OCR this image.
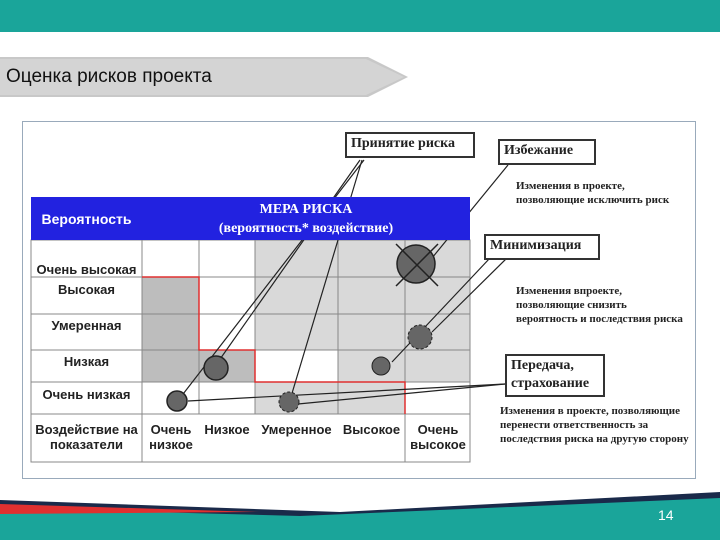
Оценка рисков проекта
Вероятность
МЕРА РИСКА
(вероятность* воздействие)
Очень высокая
Высокая
Умеренная
Низкая
Очень низкая
Воздействие на показатели
Очень низкое
Низкое Умеренное Высокое	Очень высокое
Принятие риска	Избежание
Минимизация
Передача, страхование
Изменения в проекте, позволяющие исключить риск
Изменения впроекте, позволяющие снизить вероятность и последствия риска
Изменения в проекте, позволяющие перенести ответственность за последствия риска на другую сторону
14
